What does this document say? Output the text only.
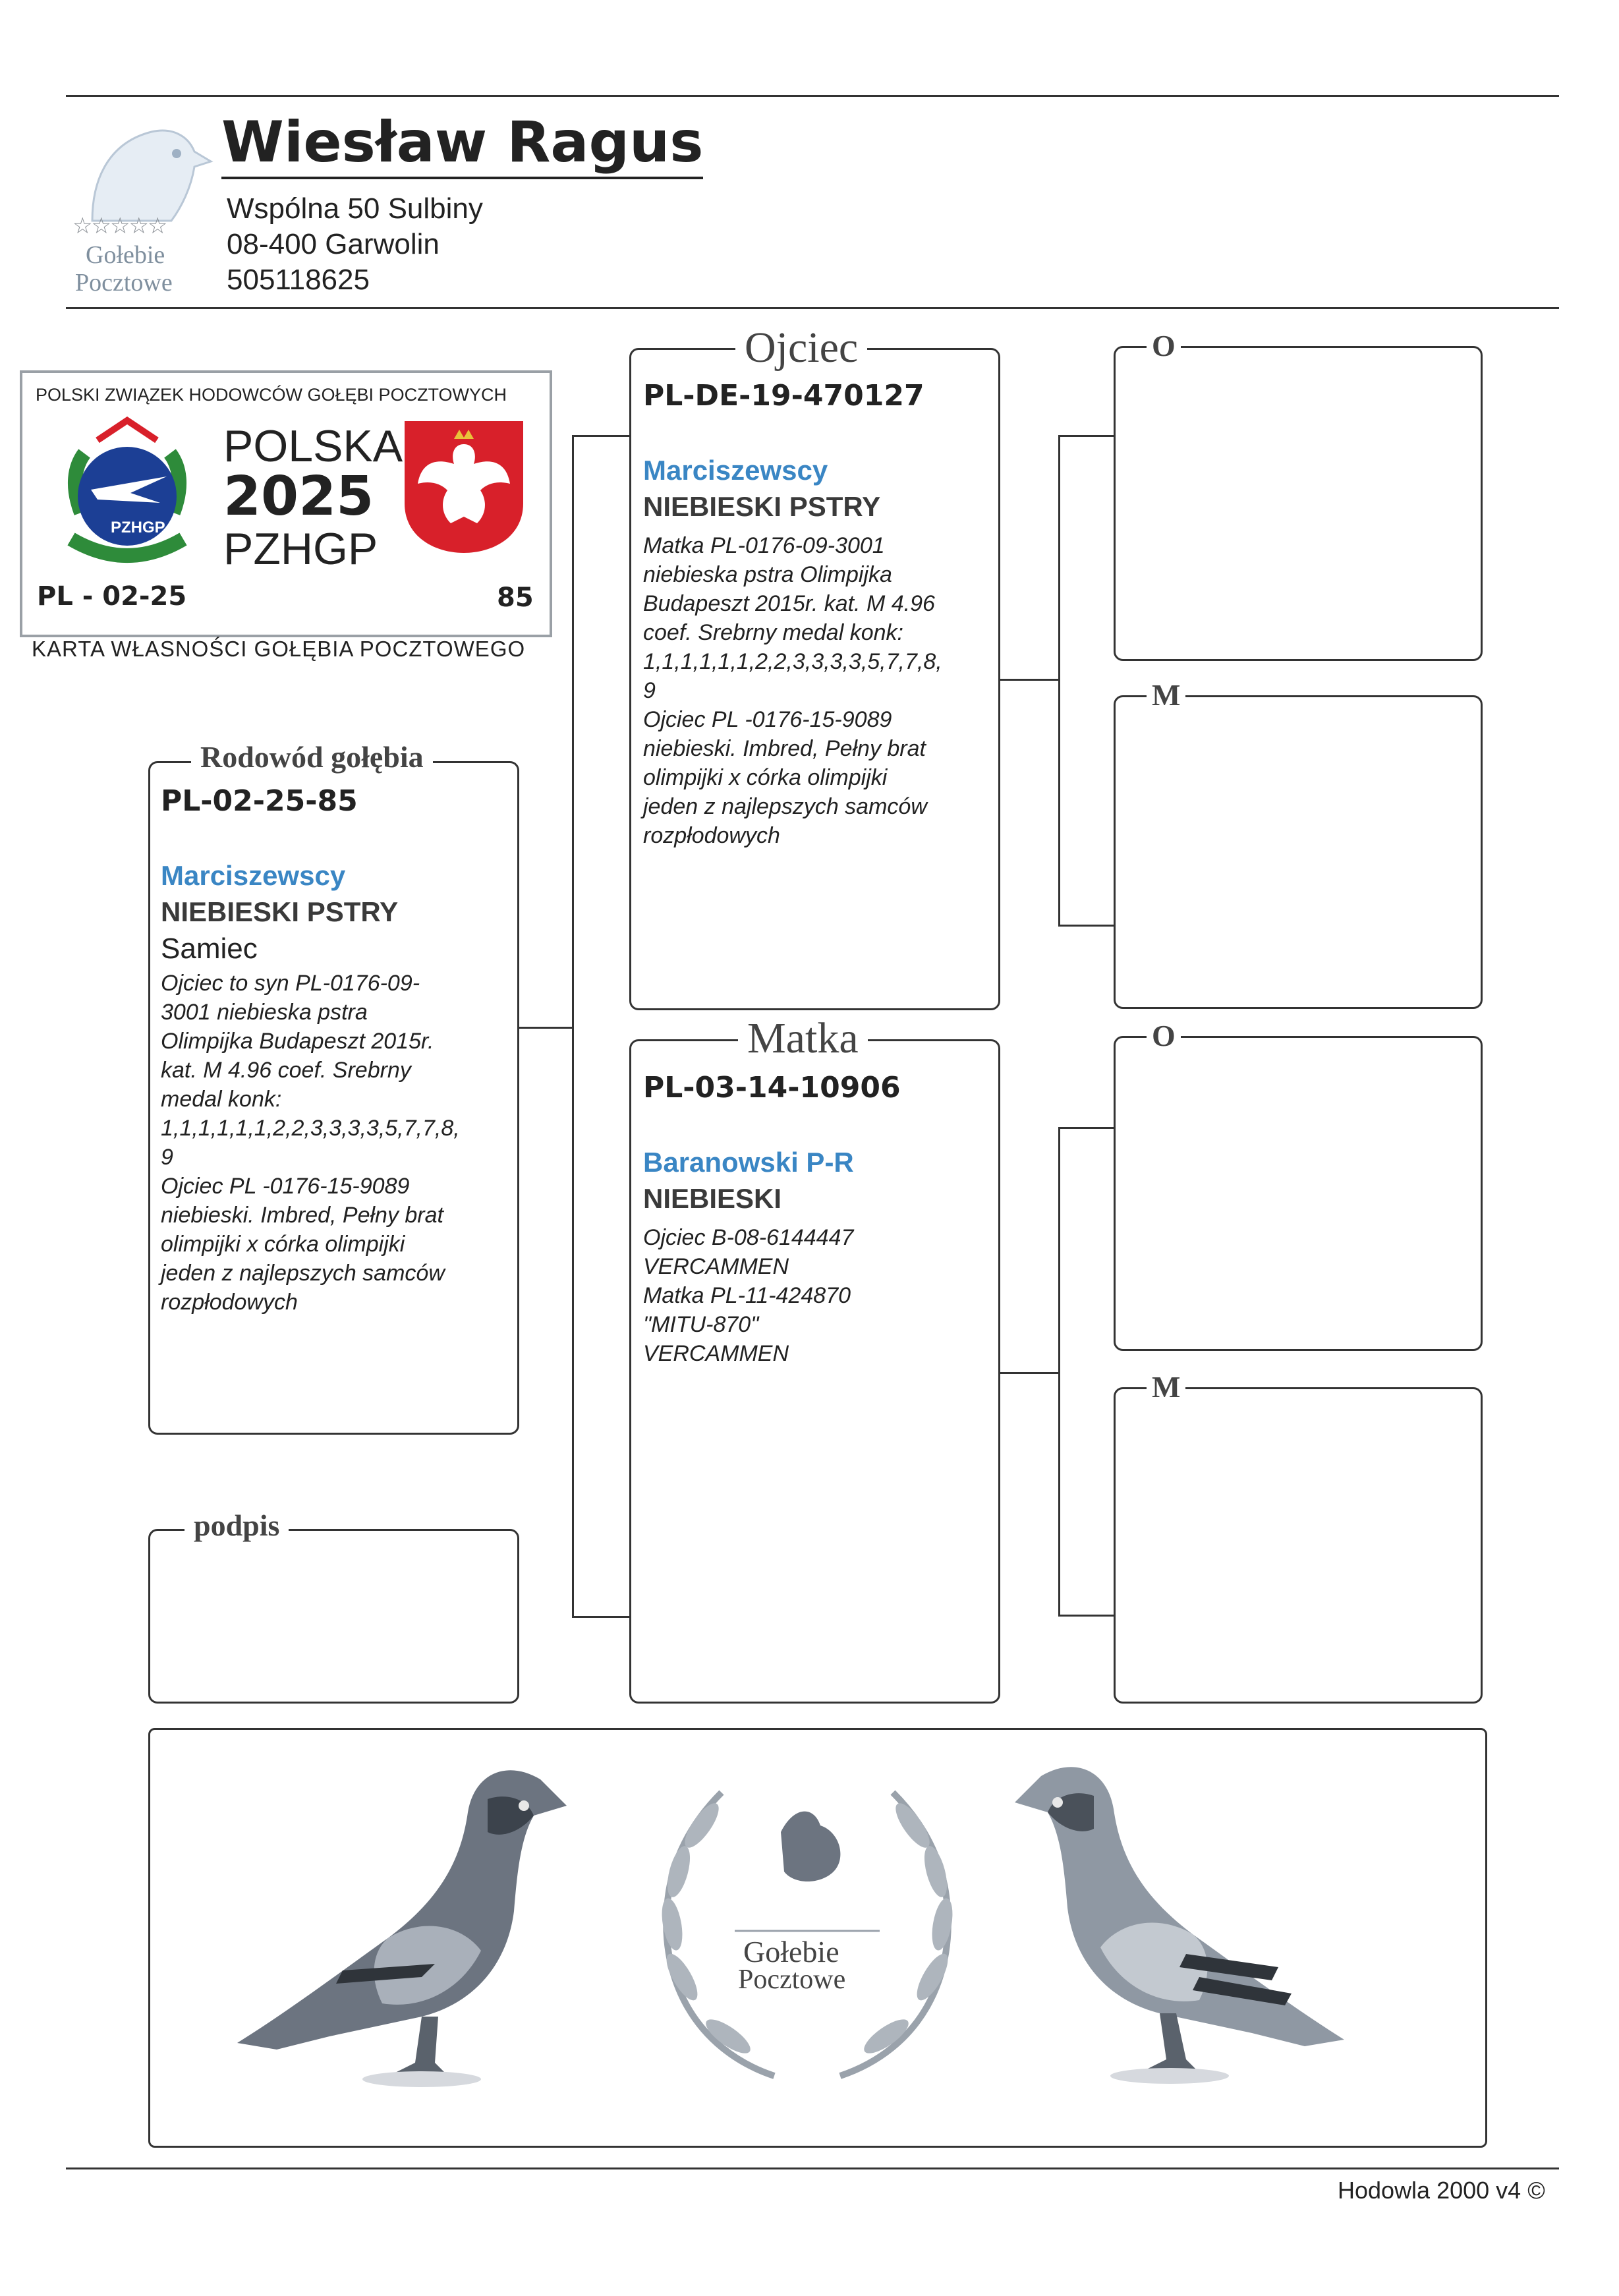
☆☆☆☆☆
Gołebie
Pocztowe
Wiesław Ragus
Wspólna 50 Sulbiny
08-400 Garwolin
505118625
POLSKI ZWIĄZEK HODOWCÓW GOŁĘBI POCZTOWYCH
PZHGP
POLSKA
2025
PZHGP
PL - 02-25	85
KARTA WŁASNOŚCI GOŁĘBIA POCZTOWEGO
Rodowód gołębia
PL-02-25-85
Marciszewscy
NIEBIESKI PSTRY
Samiec
Ojciec to syn PL-0176-09-
3001 niebieska pstra
Olimpijka Budapeszt 2015r.
kat. M 4.96 coef. Srebrny
medal konk:
1,1,1,1,1,1,2,2,3,3,3,3,5,7,7,8,
9
Ojciec PL -0176-15-9089
niebieski. Imbred, Pełny brat
olimpijki x córka olimpijki
jeden z najlepszych samców
rozpłodowych
podpis
Ojciec
PL-DE-19-470127
Marciszewscy
NIEBIESKI PSTRY
Matka PL-0176-09-3001
niebieska pstra Olimpijka
Budapeszt 2015r. kat. M 4.96
coef. Srebrny medal konk:
1,1,1,1,1,1,2,2,3,3,3,3,5,7,7,8,
9
Ojciec PL -0176-15-9089
niebieski. Imbred, Pełny brat
olimpijki x córka olimpijki
jeden z najlepszych samców
rozpłodowych
Matka
PL-03-14-10906
Baranowski P-R
NIEBIESKI
Ojciec B-08-6144447
VERCAMMEN
Matka PL-11-424870
"MITU-870"
VERCAMMEN
O
M
O
M
Gołebie
Pocztowe
Hodowla 2000 v4 ©
